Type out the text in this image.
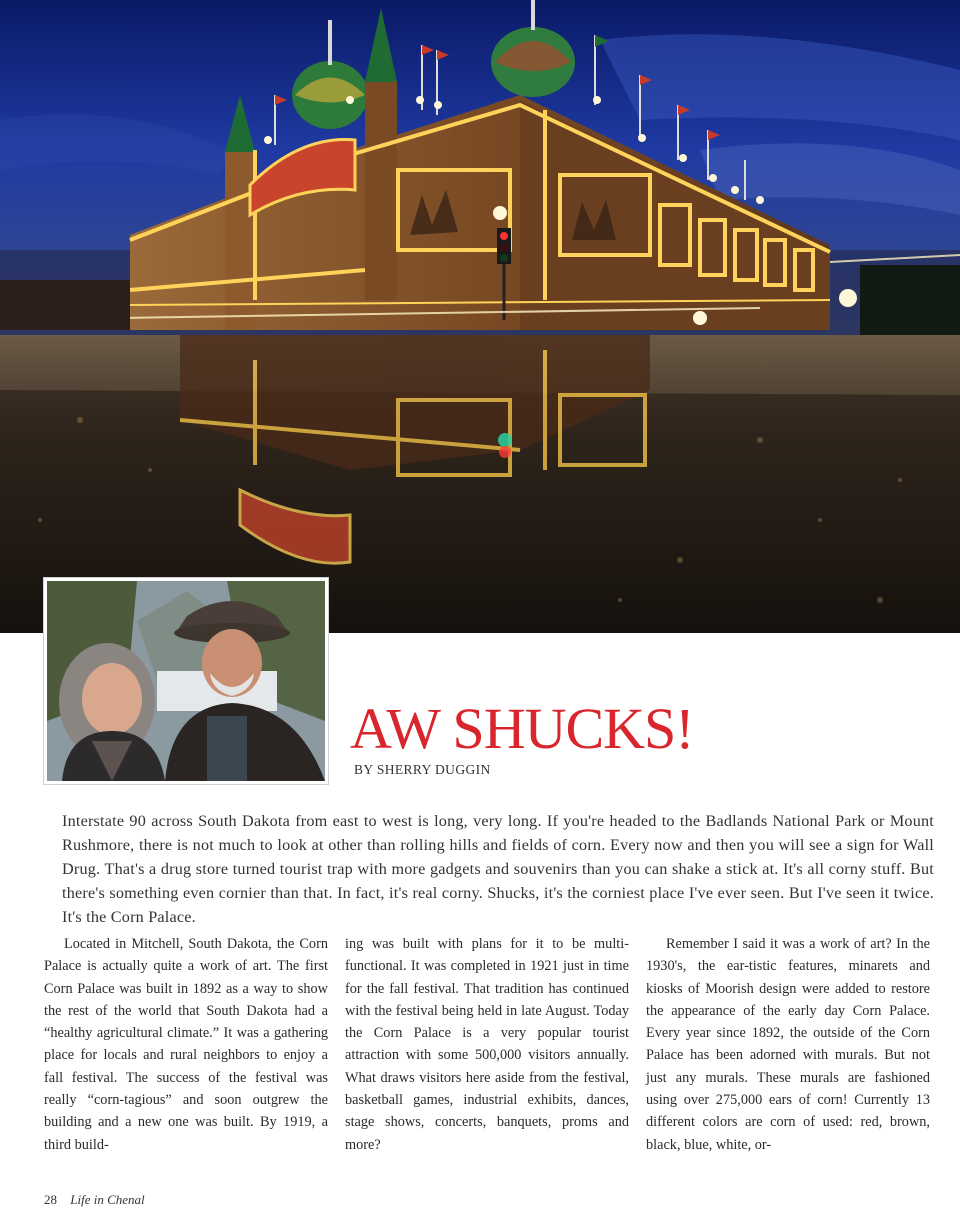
AW SHUCKS!
BY SHERRY DUGGIN

Interstate 90 across South Dakota from east to west is long, very long. If you're headed to the Badlands National Park or Mount Rushmore, there is not much to look at other than rolling hills and fields of corn. Every now and then you will see a sign for Wall Drug. That's a drug store turned tourist trap with more gadgets and souvenirs than you can shake a stick at. It's all corny stuff. But there's something even cornier than that. In fact, it's real corny. Shucks, it's the corniest place I've ever seen. But I've seen it twice. It's the Corn Palace.

Located in Mitchell, South Dakota, the Corn Palace is actually quite a work of art. The first Corn Palace was built in 1892 as a way to show the rest of the world that South Dakota had a “healthy agricultural climate.” It was a gathering place for locals and rural neighbors to enjoy a fall festival. The success of the festival was really “corn-tagious” and soon outgrew the building and a new one was built. By 1919, a third build-

ing was built with plans for it to be multi-functional. It was completed in 1921 just in time for the fall festival. That tradition has continued with the festival being held in late August. Today the Corn Palace is a very popular tourist attraction with some 500,000 visitors annually. What draws visitors here aside from the festival, basketball games, industrial exhibits, dances, stage shows, concerts, banquets, proms and more?

Remember I said it was a work of art? In the 1930's, the ear-tistic features, minarets and kiosks of Moorish design were added to restore the appearance of the early day Corn Palace. Every year since 1892, the outside of the Corn Palace has been adorned with murals. But not just any murals. These murals are fashioned using over 275,000 ears of corn! Currently 13 different colors are corn of used: red, brown, black, blue, white, or-

28 Life in Chenal
